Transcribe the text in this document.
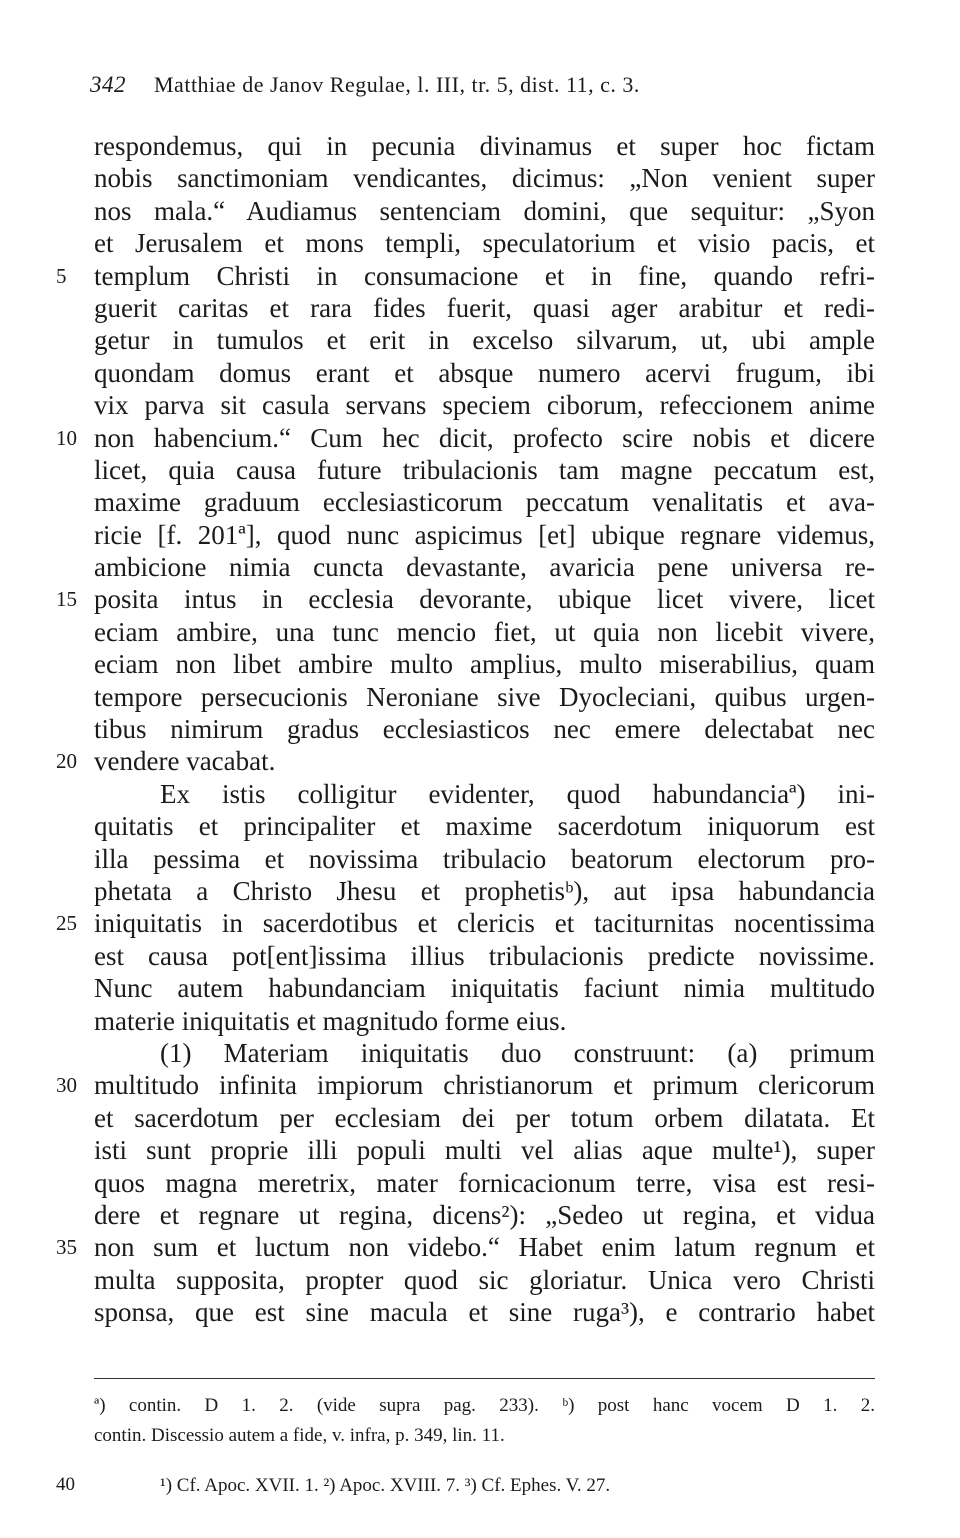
342 Matthiae de Janov Regulae, l. III, tr. 5, dist. 11, c. 3.
respondemus, qui in pecunia divinamus et super hoc fictam
nobis sanctimoniam vendicantes, dicimus: „Non venient super
nos mala.“ Audiamus sentenciam domini, que sequitur: „Syon
et Jerusalem et mons templi, speculatorium et visio pacis, et
5	templum Christi in consumacione et in fine, quando refri-
guerit caritas et rara fides fuerit, quasi ager arabitur et redi-
getur in tumulos et erit in excelso silvarum, ut, ubi ample
quondam domus erant et absque numero acervi frugum, ibi
vix parva sit casula servans speciem ciborum, refeccionem anime
10 non habencium.“ Cum hec dicit, profecto scire nobis et dicere
licet, quia causa future tribulacionis tam magne peccatum est,
maxime graduum ecclesiasticorum peccatum venalitatis et ava-
ricie [f. 201ª], quod nunc aspicimus [et] ubique regnare videmus,
ambicione nimia cuncta devastante, avaricia pene universa re-
15 posita intus in ecclesia devorante, ubique licet vivere, licet
eciam ambire, una tunc mencio fiet, ut quia non licebit vivere,
eciam non libet ambire multo amplius, multo miserabilius, quam
tempore persecucionis Neroniane sive Dyocleciani, quibus urgen-
tibus nimirum gradus ecclesiasticos nec emere delectabat nec
20 vendere vacabat.
Ex istis colligitur evidenter, quod habundanciaª) ini-
quitatis et principaliter et maxime sacerdotum iniquorum est
illa pessima et novissima tribulacio beatorum electorum pro-
phetata a Christo Jhesu et prophetisᵇ), aut ipsa habundancia
25 iniquitatis in sacerdotibus et clericis et taciturnitas nocentissima
est causa pot[ent]issima illius tribulacionis predicte novissime.
Nunc autem habundanciam iniquitatis faciunt nimia multitudo
materie iniquitatis et magnitudo forme eius.
(1) Materiam iniquitatis duo construunt: (a) primum
30 multitudo infinita impiorum christianorum et primum clericorum
et sacerdotum per ecclesiam dei per totum orbem dilatata. Et
isti sunt proprie illi populi multi vel alias aque multe¹), super
quos magna meretrix, mater fornicacionum terre, visa est resi-
dere et regnare ut regina, dicens²): „Sedeo ut regina, et vidua
35 non sum et luctum non videbo.“ Habet enim latum regnum et
multa supposita, propter quod sic gloriatur. Unica vero Christi
sponsa, que est sine macula et sine ruga³), e contrario habet
ª) contin. D 1. 2. (vide supra pag. 233). ᵇ) post hanc vocem D 1. 2.
contin. Discessio autem a fide, v. infra, p. 349, lin. 11.
40	¹) Cf. Apoc. XVII. 1. ²) Apoc. XVIII. 7. ³) Cf. Ephes. V. 27.
